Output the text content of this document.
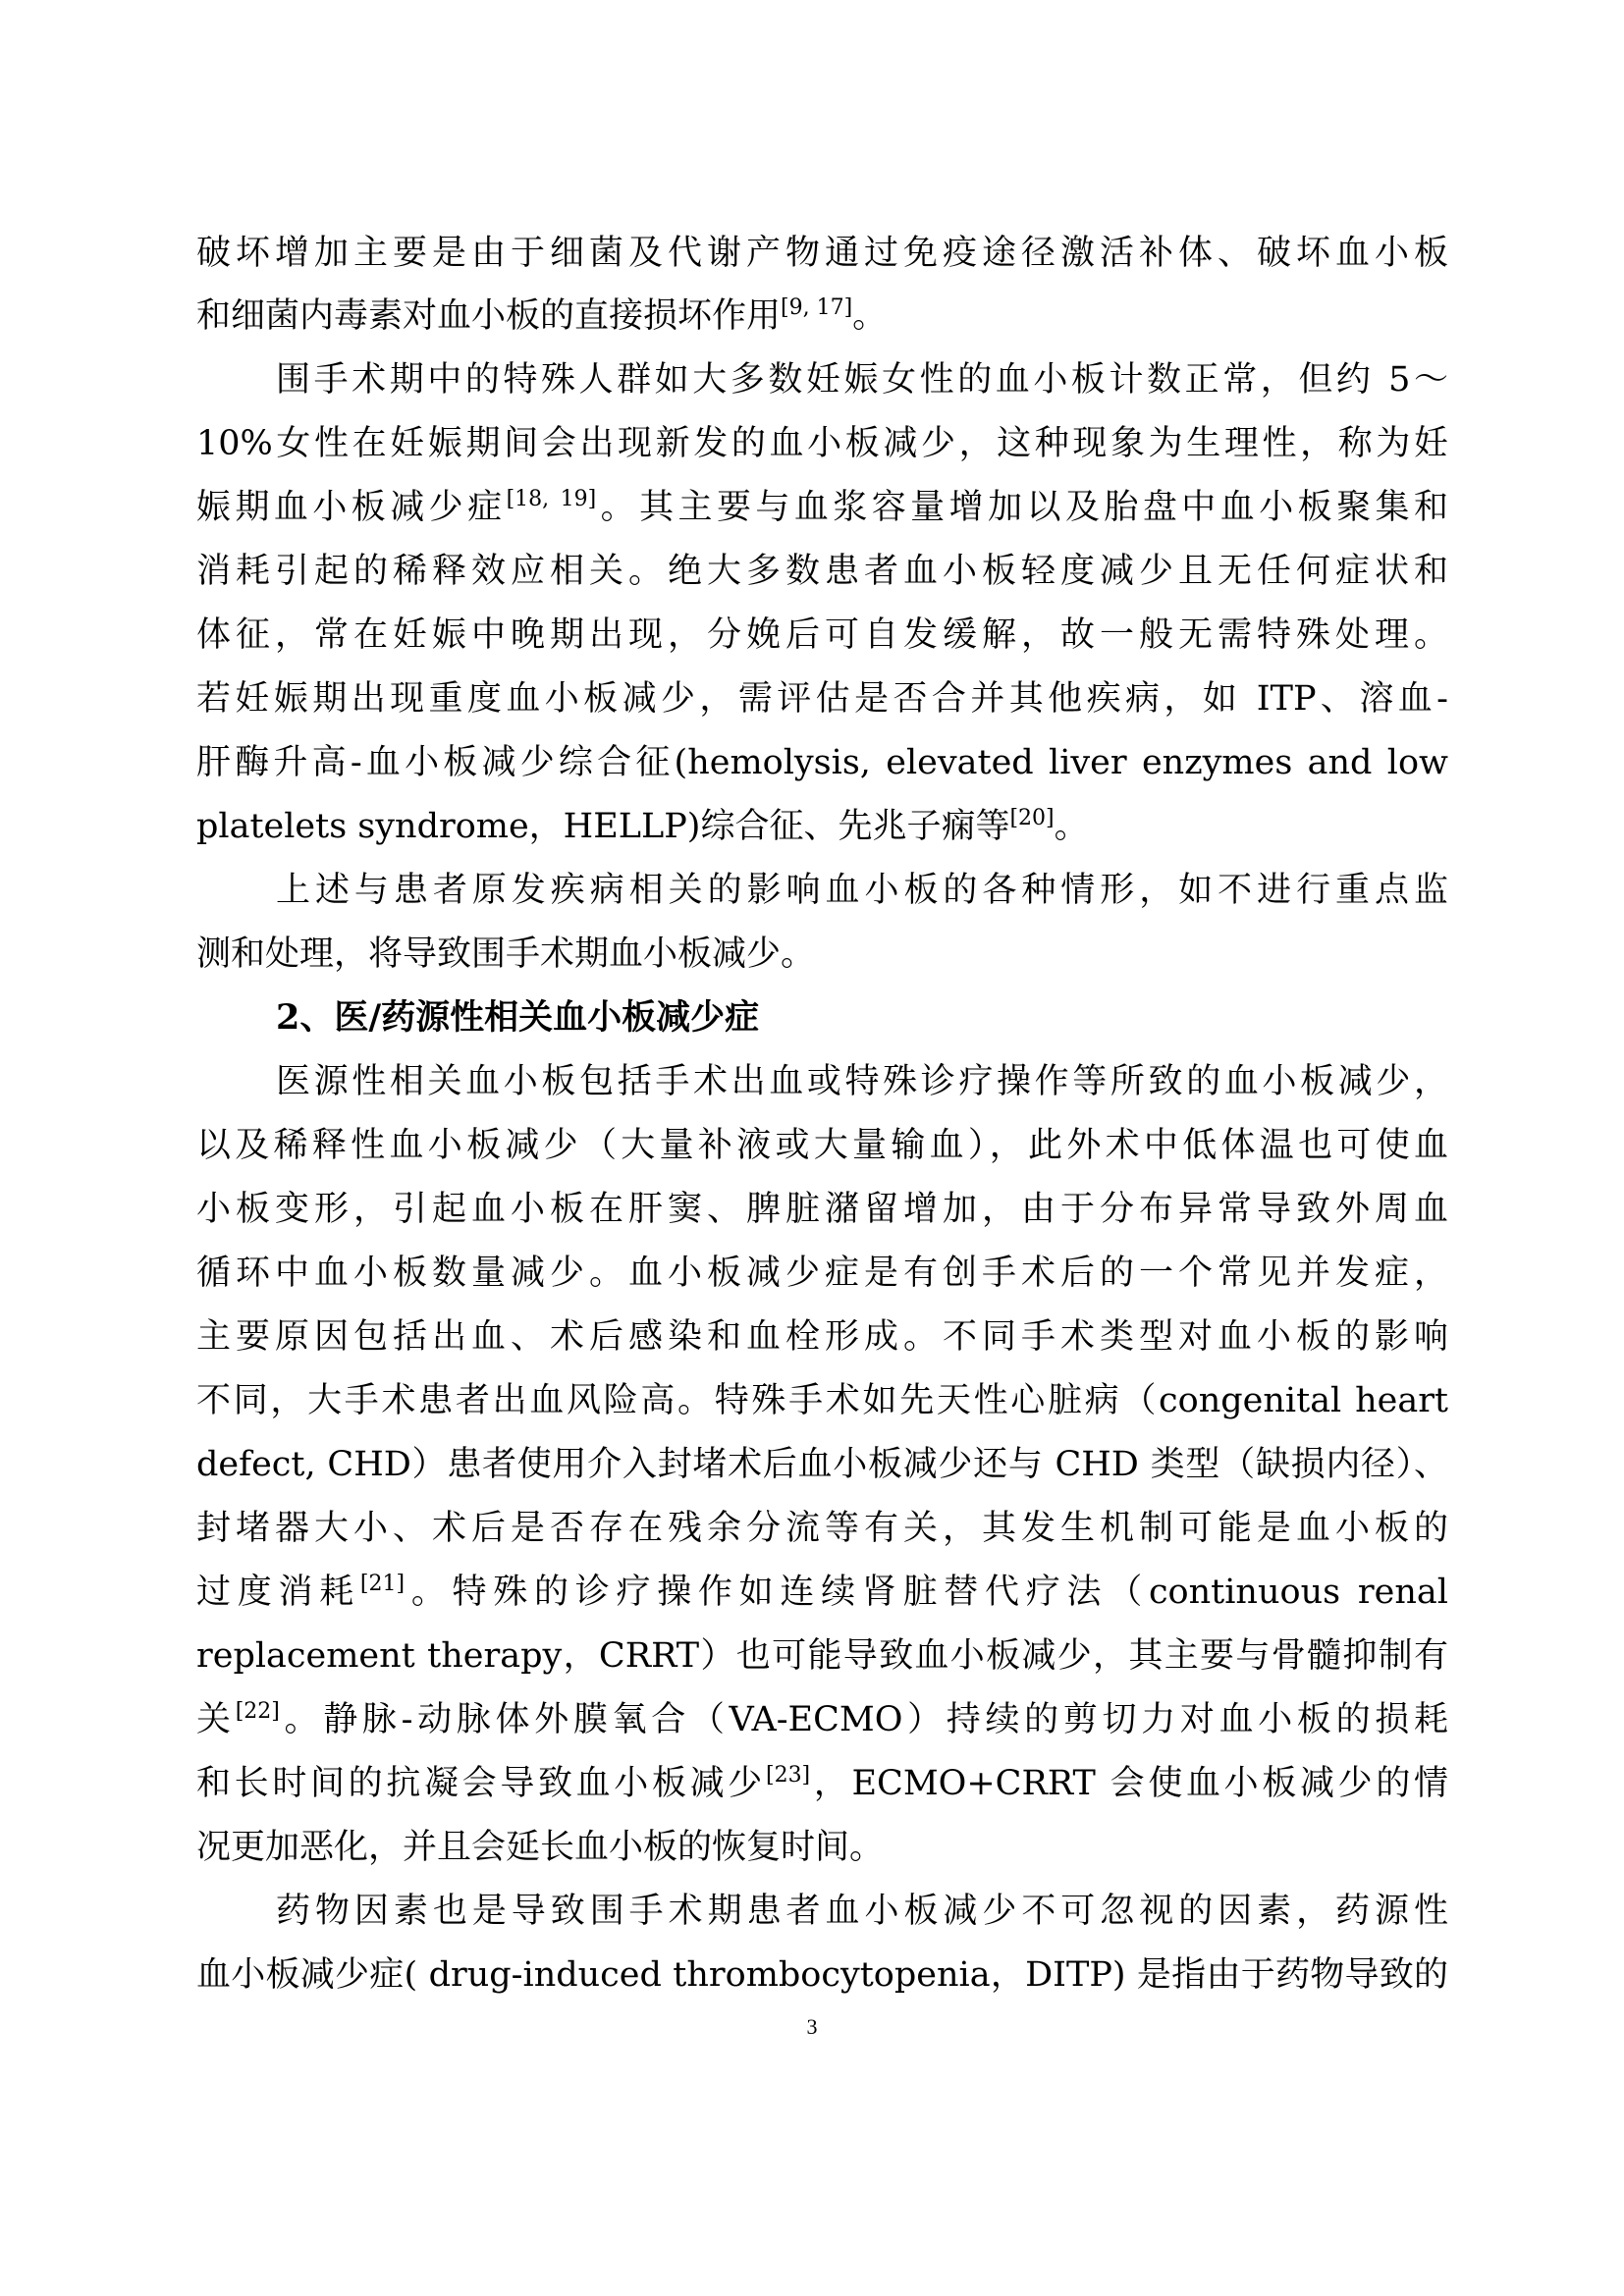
破坏增加主要是由于细菌及代谢产物通过免疫途径激活补体、破坏血小板
和细菌内毒素对血小板的直接损坏作用[9, 17]。
围手术期中的特殊人群如大多数妊娠女性的血小板计数正常，但约 5～
10%女性在妊娠期间会出现新发的血小板减少，这种现象为生理性，称为妊
娠期血小板减少症[18, 19]。其主要与血浆容量增加以及胎盘中血小板聚集和
消耗引起的稀释效应相关。绝大多数患者血小板轻度减少且无任何症状和
体征，常在妊娠中晚期出现，分娩后可自发缓解，故一般无需特殊处理。
若妊娠期出现重度血小板减少，需评估是否合并其他疾病，如 ITP、溶血-
肝酶升高-血小板减少综合征(hemolysis, elevated liver enzymes and low
platelets syndrome，HELLP)综合征、先兆子痫等[20]。
上述与患者原发疾病相关的影响血小板的各种情形，如不进行重点监
测和处理，将导致围手术期血小板减少。
2、医/药源性相关血小板减少症
医源性相关血小板包括手术出血或特殊诊疗操作等所致的血小板减少，
以及稀释性血小板减少（大量补液或大量输血），此外术中低体温也可使血
小板变形，引起血小板在肝窦、脾脏潴留增加，由于分布异常导致外周血
循环中血小板数量减少。血小板减少症是有创手术后的一个常见并发症，
主要原因包括出血、术后感染和血栓形成。不同手术类型对血小板的影响
不同，大手术患者出血风险高。特殊手术如先天性心脏病（congenital heart
defect, CHD）患者使用介入封堵术后血小板减少还与 CHD 类型（缺损内径）、
封堵器大小、术后是否存在残余分流等有关，其发生机制可能是血小板的
过度消耗[21]。特殊的诊疗操作如连续肾脏替代疗法（continuous renal
replacement therapy，CRRT）也可能导致血小板减少，其主要与骨髓抑制有
关[22]。静脉-动脉体外膜氧合（VA-ECMO）持续的剪切力对血小板的损耗
和长时间的抗凝会导致血小板减少[23]，ECMO+CRRT 会使血小板减少的情
况更加恶化，并且会延长血小板的恢复时间。
药物因素也是导致围手术期患者血小板减少不可忽视的因素，药源性
血小板减少症( drug-induced thrombocytopenia，DITP) 是指由于药物导致的
3
